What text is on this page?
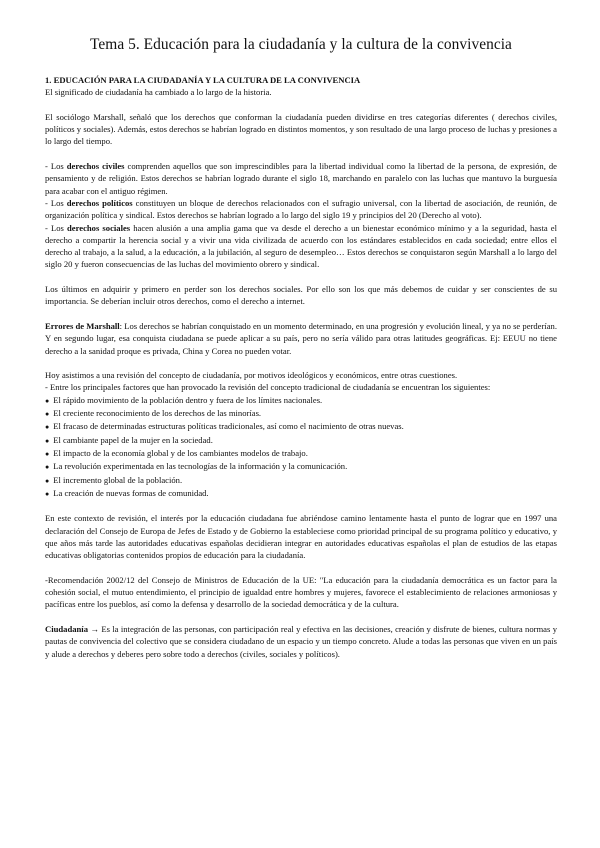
Tema 5. Educación para la ciudadanía y la cultura de la convivencia

1. EDUCACIÓN PARA LA CIUDADANÍA Y LA CULTURA DE LA CONVIVENCIA

El significado de ciudadanía ha cambiado a lo largo de la historia.

El sociólogo Marshall, señaló que los derechos que conforman la ciudadanía pueden dividirse en tres categorías diferentes ( derechos civiles, políticos y sociales). Además, estos derechos se habrían logrado en distintos momentos, y son resultado de una largo proceso de luchas y presiones a lo largo del tiempo.

- Los derechos civiles comprenden aquellos que son imprescindibles para la libertad individual como la libertad de la persona, de expresión, de pensamiento y de religión. Estos derechos se habrían logrado durante el siglo 18, marchando en paralelo con las luchas que mantuvo la burguesía para acabar con el antiguo régimen.

- Los derechos políticos constituyen un bloque de derechos relacionados con el sufragio universal, con la libertad de asociación, de reunión, de organización política y sindical. Estos derechos se habrían logrado a lo largo del siglo 19 y principios del 20 (Derecho al voto).

- Los derechos sociales hacen alusión a una amplia gama que va desde el derecho a un bienestar económico mínimo y a la seguridad, hasta el derecho a compartir la herencia social y a vivir una vida civilizada de acuerdo con los estándares establecidos en cada sociedad; entre ellos el derecho al trabajo, a la salud, a la educación, a la jubilación, al seguro de desempleo… Estos derechos se conquistaron según Marshall a lo largo del siglo 20 y fueron consecuencias de las luchas del movimiento obrero y sindical.

Los últimos en adquirir y primero en perder son los derechos sociales. Por ello son los que más debemos de cuidar y ser conscientes de su importancia. Se deberían incluir otros derechos, como el derecho a internet.

Errores de Marshall: Los derechos se habrían conquistado en un momento determinado, en una progresión y evolución lineal, y ya no se perderían. Y en segundo lugar, esa conquista ciudadana se puede aplicar a su país, pero no sería válido para otras latitudes geográficas. Ej: EEUU no tiene derecho a la sanidad proque es privada, China y Corea no pueden votar.

Hoy asistimos a una revisión del concepto de ciudadanía, por motivos ideológicos y económicos, entre otras cuestiones.

- Entre los principales factores que han provocado la revisión del concepto tradicional de ciudadanía se encuentran los siguientes:

● El rápido movimiento de la población dentro y fuera de los límites nacionales.
● El creciente reconocimiento de los derechos de las minorías.
● El fracaso de determinadas estructuras políticas tradicionales, así como el nacimiento de otras nuevas.
● El cambiante papel de la mujer en la sociedad.
● El impacto de la economía global y de los cambiantes modelos de trabajo.
● La revolución experimentada en las tecnologías de la información y la comunicación.
● El incremento global de la población.
● La creación de nuevas formas de comunidad.

En este contexto de revisión, el interés por la educación ciudadana fue abriéndose camino lentamente hasta el punto de lograr que en 1997 una declaración del Consejo de Europa de Jefes de Estado y de Gobierno la estableciese como prioridad principal de su programa político y educativo, y que años más tarde las autoridades educativas españolas decidieran integrar en autoridades educativas españolas el plan de estudios de las etapas educativas obligatorias contenidos propios de educación para la ciudadanía.

-Recomendación 2002/12 del Consejo de Ministros de Educación de la UE: "La educación para la ciudadanía democrática es un factor para la cohesión social, el mutuo entendimiento, el principio de igualdad entre hombres y mujeres, favorece el establecimiento de relaciones armoniosas y pacíficas entre los pueblos, así como la defensa y desarrollo de la sociedad democrática y de la cultura.

Ciudadanía → Es la integración de las personas, con participación real y efectiva en las decisiones, creación y disfrute de bienes, cultura normas y pautas de convivencia del colectivo que se considera ciudadano de un espacio y un tiempo concreto. Alude a todas las personas que viven en un país y alude a derechos y deberes pero sobre todo a derechos (civiles, sociales y políticos).
